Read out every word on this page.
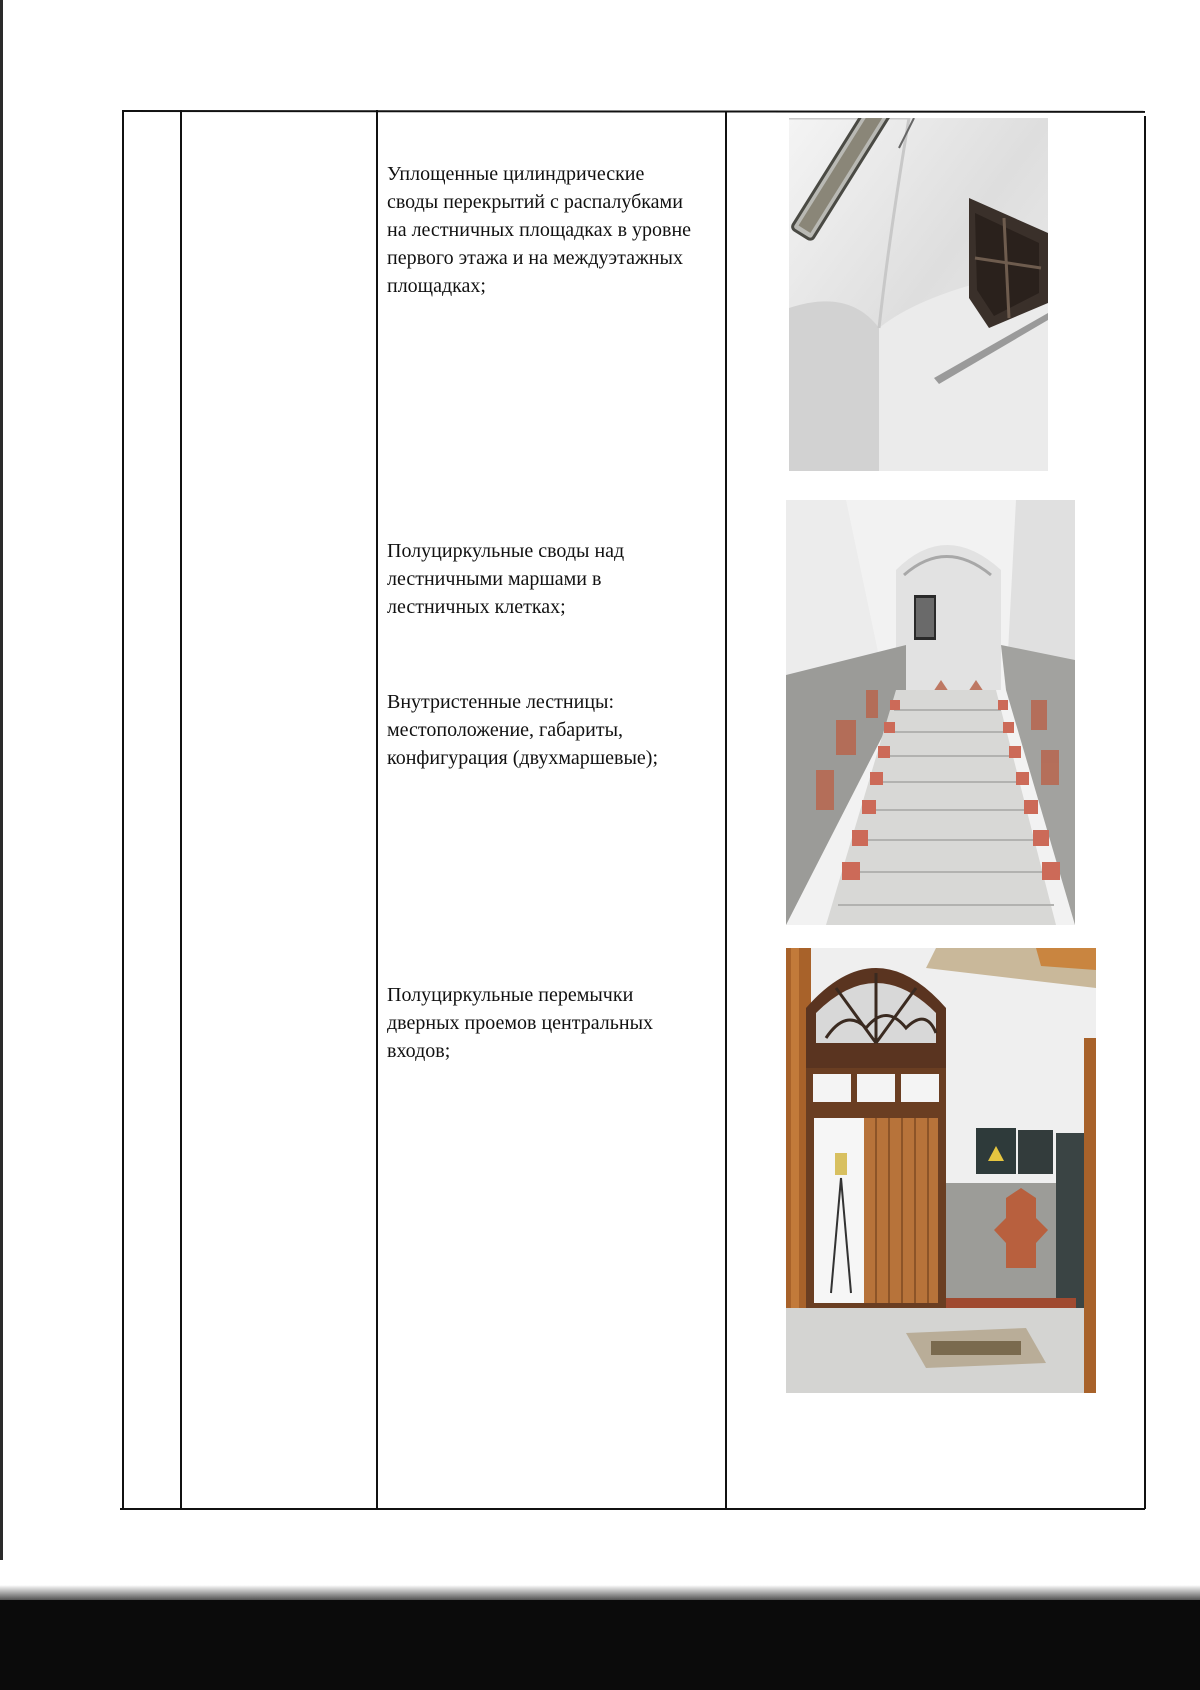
Уплощенные цилиндрические своды перекрытий с распалубками на лестничных площадках в уровне первого этажа и на междуэтажных площадках;
Полуциркульные своды над лестничными маршами в лестничных клетках;
Внутристенные лестницы: местоположение, габариты, конфигурация (двухмаршевые);
Полуциркульные перемычки дверных проемов центральных входов;
